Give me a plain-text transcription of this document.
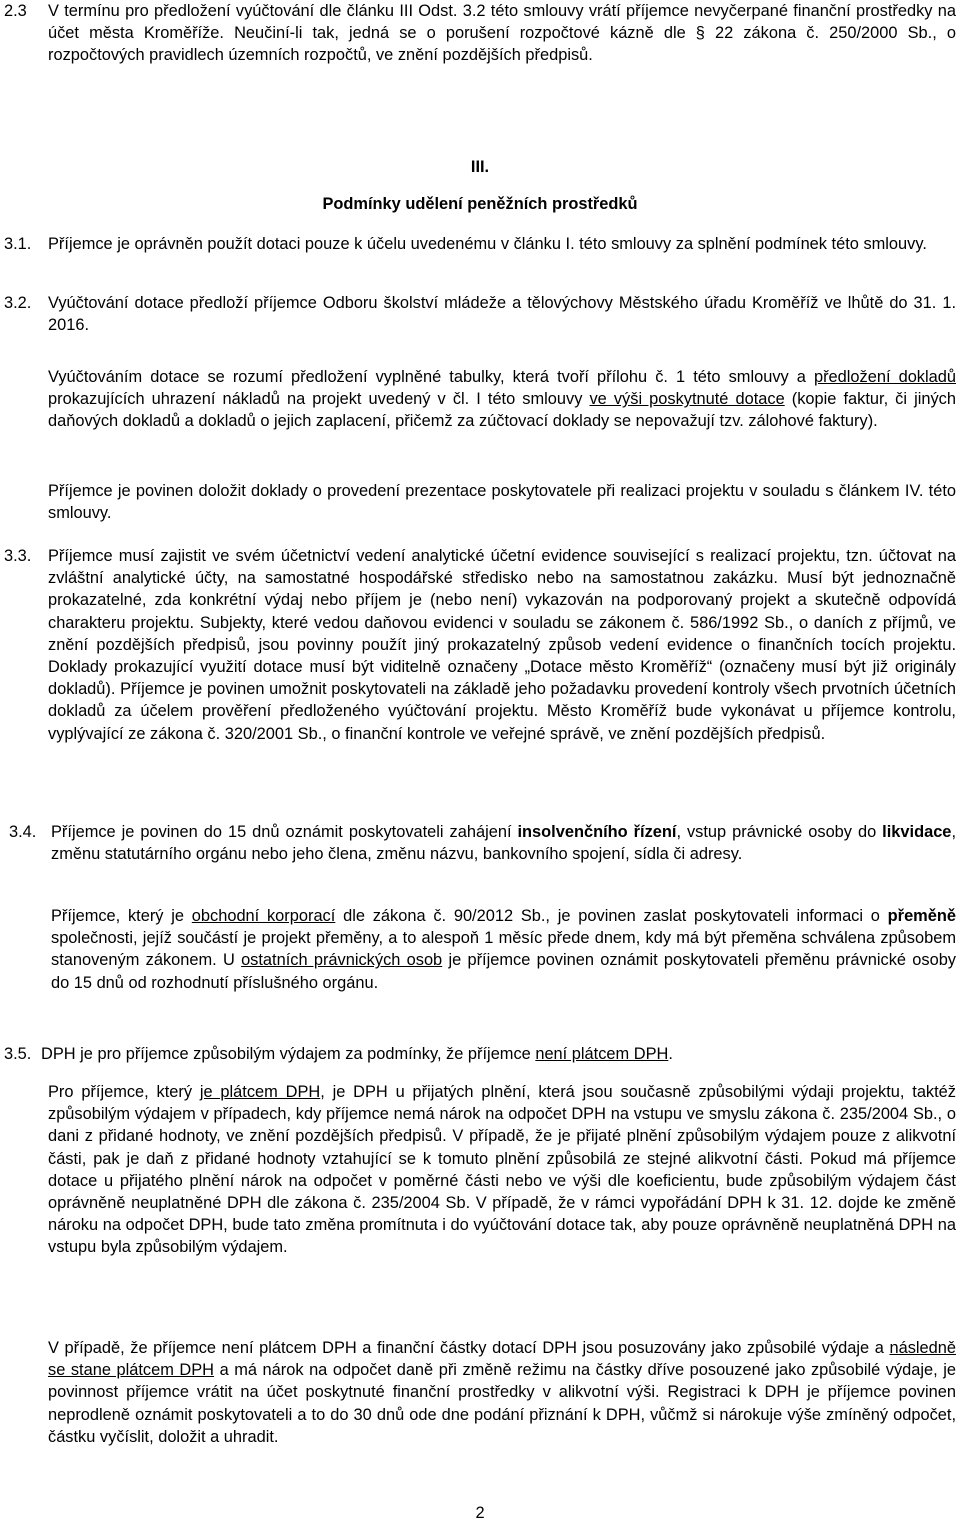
2.3 V termínu pro předložení vyúčtování dle článku III Odst. 3.2 této smlouvy vrátí příjemce nevyčerpané finanční prostředky na účet města Kroměříže. Neučiní-li tak, jedná se o porušení rozpočtové kázně dle § 22 zákona č. 250/2000 Sb., o rozpočtových pravidlech územních rozpočtů, ve znění pozdějších předpisů.
III.
Podmínky udělení peněžních prostředků
3.1. Příjemce je oprávněn použít dotaci pouze k účelu uvedenému v článku I. této smlouvy za splnění podmínek této smlouvy.
3.2. Vyúčtování dotace předloží příjemce Odboru školství mládeže a tělovýchovy Městského úřadu Kroměříž ve lhůtě do 31. 1. 2016.
Vyúčtováním dotace se rozumí předložení vyplněné tabulky, která tvoří přílohu č. 1 této smlouvy a předložení dokladů prokazujících uhrazení nákladů na projekt uvedený v čl. I této smlouvy ve výši poskytnuté dotace (kopie faktur, či jiných daňových dokladů a dokladů o jejich zaplacení, přičemž za zúčtovací doklady se nepovažují tzv. zálohové faktury).
Příjemce je povinen doložit doklady o provedení prezentace poskytovatele při realizaci projektu v souladu s článkem IV. této smlouvy.
3.3. Příjemce musí zajistit ve svém účetnictví vedení analytické účetní evidence související s realizací projektu, tzn. účtovat na zvláštní analytické účty, na samostatné hospodářské středisko nebo na samostatnou zakázku. Musí být jednoznačně prokazatelné, zda konkrétní výdaj nebo příjem je (nebo není) vykazován na podporovaný projekt a skutečně odpovídá charakteru projektu. Subjekty, které vedou daňovou evidenci v souladu se zákonem č. 586/1992 Sb., o daních z příjmů, ve znění pozdějších předpisů, jsou povinny použít jiný prokazatelný způsob vedení evidence o finančních tocích projektu. Doklady prokazující využití dotace musí být viditelně označeny „Dotace město Kroměříž“ (označeny musí být již originály dokladů). Příjemce je povinen umožnit poskytovateli na základě jeho požadavku provedení kontroly všech prvotních účetních dokladů za účelem prověření předloženého vyúčtování projektu. Město Kroměříž bude vykonávat u příjemce kontrolu, vyplývající ze zákona č. 320/2001 Sb., o finanční kontrole ve veřejné správě, ve znění pozdějších předpisů.
3.4. Příjemce je povinen do 15 dnů oznámit poskytovateli zahájení insolvenčního řízení, vstup právnické osoby do likvidace, změnu statutárního orgánu nebo jeho člena, změnu názvu, bankovního spojení, sídla či adresy.
Příjemce, který je obchodní korporací dle zákona č. 90/2012 Sb., je povinen zaslat poskytovateli informaci o přeměně společnosti, jejíž součástí je projekt přeměny, a to alespoň 1 měsíc přede dnem, kdy má být přeměna schválena způsobem stanoveným zákonem. U ostatních právnických osob je příjemce povinen oznámit poskytovateli přeměnu právnické osoby do 15 dnů od rozhodnutí příslušného orgánu.
3.5. DPH je pro příjemce způsobilým výdajem za podmínky, že příjemce není plátcem DPH.
Pro příjemce, který je plátcem DPH, je DPH u přijatých plnění, která jsou současně způsobilými výdaji projektu, taktéž způsobilým výdajem v případech, kdy příjemce nemá nárok na odpočet DPH na vstupu ve smyslu zákona č. 235/2004 Sb., o dani z přidané hodnoty, ve znění pozdějších předpisů. V případě, že je přijaté plnění způsobilým výdajem pouze z alikvotní části, pak je daň z přidané hodnoty vztahující se k tomuto plnění způsobilá ze stejné alikvotní části. Pokud má příjemce dotace u přijatého plnění nárok na odpočet v poměrné části nebo ve výši dle koeficientu, bude způsobilým výdajem část oprávněně neuplatněné DPH dle zákona č. 235/2004 Sb. V případě, že v rámci vypořádání DPH k 31. 12. dojde ke změně nároku na odpočet DPH, bude tato změna promítnuta i do vyúčtování dotace tak, aby pouze oprávněně neuplatněná DPH na vstupu byla způsobilým výdajem.
V případě, že příjemce není plátcem DPH a finanční částky dotací DPH jsou posuzovány jako způsobilé výdaje a následně se stane plátcem DPH a má nárok na odpočet daně při změně režimu na částky dříve posouzené jako způsobilé výdaje, je povinnost příjemce vrátit na účet poskytnuté finanční prostředky v alikvotní výši. Registraci k DPH je příjemce povinen neprodleně oznámit poskytovateli a to do 30 dnů ode dne podání přiznání k DPH, vůčmž si nárokuje výše zmíněný odpočet, částku vyčíslit, doložit a uhradit.
2
